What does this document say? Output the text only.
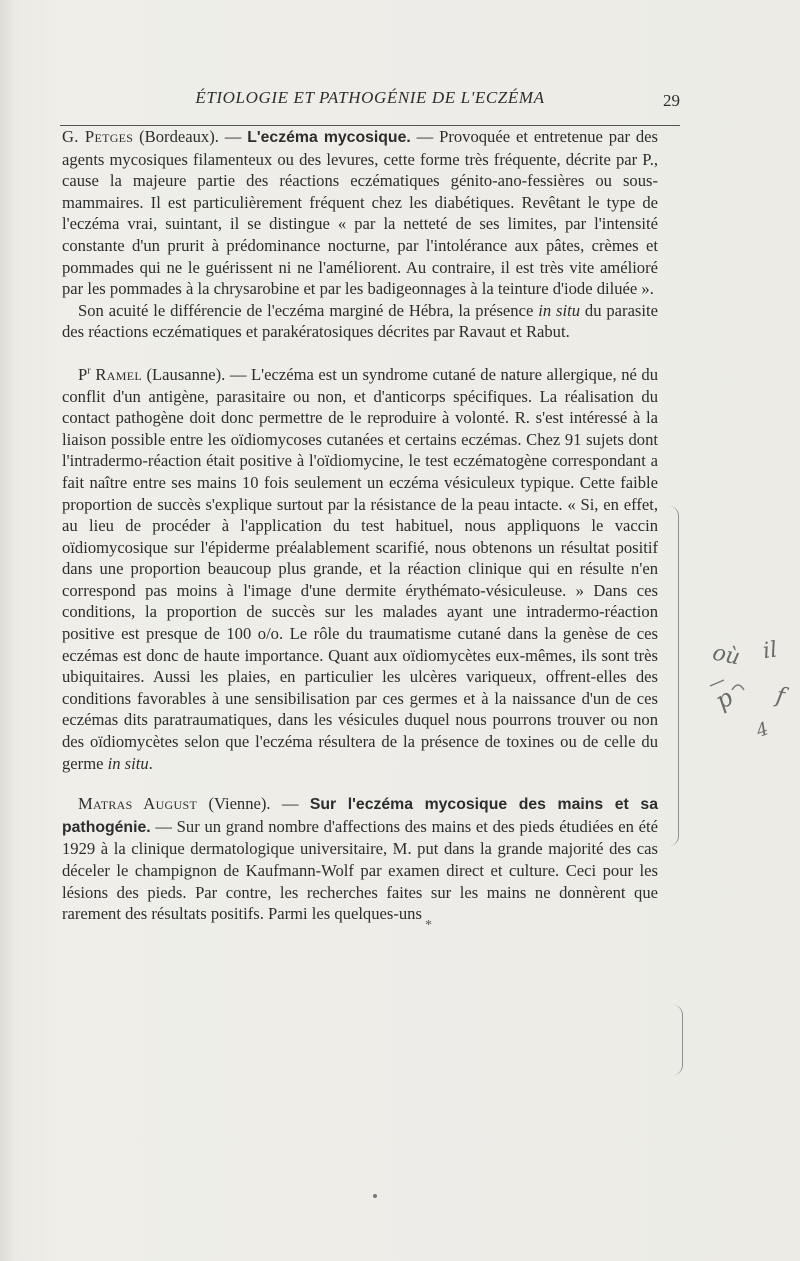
ÉTIOLOGIE ET PATHOGÉNIE DE L'ECZÉMA	29

G. Petges (Bordeaux). — L'eczéma mycosique. — Provoquée et entretenue par des agents mycosiques filamenteux ou des levures, cette forme très fréquente, décrite par P., cause la majeure partie des réactions eczématiques génito-ano-fessières ou sous-mammaires. Il est particulièrement fréquent chez les diabétiques. Revêtant le type de l'eczéma vrai, suintant, il se distingue « par la netteté de ses limites, par l'intensité constante d'un prurit à prédominance nocturne, par l'intolérance aux pâtes, crèmes et pommades qui ne le guérissent ni ne l'améliorent. Au contraire, il est très vite amélioré par les pommades à la chrysarobine et par les badigeonnages à la teinture d'iode diluée ».

Son acuité le différencie de l'eczéma marginé de Hébra, la présence in situ du parasite des réactions eczématiques et parakératosiques décrites par Ravaut et Rabut.

$P^r$ Ramel (Lausanne). — L'eczéma est un syndrome cutané de nature allergique, né du conflit d'un antigène, parasitaire ou non, et d'anticorps spécifiques. La réalisation du contact pathogène doit donc permettre de le reproduire à volonté. R. s'est intéressé à la liaison possible entre les oïdiomycoses cutanées et certains eczémas. Chez 91 sujets dont l'intradermo-réaction était positive à l'oïdiomycine, le test eczématogène correspondant a fait naître entre ses mains 10 fois seulement un eczéma vésiculeux typique. Cette faible proportion de succès s'explique surtout par la résistance de la peau intacte. « Si, en effet, au lieu de procéder à l'application du test habituel, nous appliquons le vaccin oïdiomycosique sur l'épiderme préalablement scarifié, nous obtenons un résultat positif dans une proportion beaucoup plus grande, et la réaction clinique qui en résulte n'en correspond pas moins à l'image d'une dermite érythémato-vésiculeuse. » Dans ces conditions, la proportion de succès sur les malades ayant une intradermo-réaction positive est presque de 100 o/o. Le rôle du traumatisme cutané dans la genèse de ces eczémas est donc de haute importance. Quant aux oïdiomycètes eux-mêmes, ils sont très ubiquitaires. Aussi les plaies, en particulier les ulcères variqueux, offrent-elles des conditions favorables à une sensibilisation par ces germes et à la naissance d'un de ces eczémas dits paratraumatiques, dans les vésicules duquel nous pourrons trouver ou non des oïdiomycètes selon que l'eczéma résultera de la présence de toxines ou de celle du germe in situ.

Matras August (Vienne). — Sur l'eczéma mycosique des mains et sa pathogénie. — Sur un grand nombre d'affections des mains et des pieds étudiées en été 1929 à la clinique dermatologique universitaire, M. put dans la grande majorité des cas déceler le champignon de Kaufmann-Wolf par examen direct et culture. Ceci pour les lésions des pieds. Par contre, les recherches faites sur les mains ne donnèrent que rarement des résultats positifs. Parmi les quelques-uns

*
où il
p f
4
